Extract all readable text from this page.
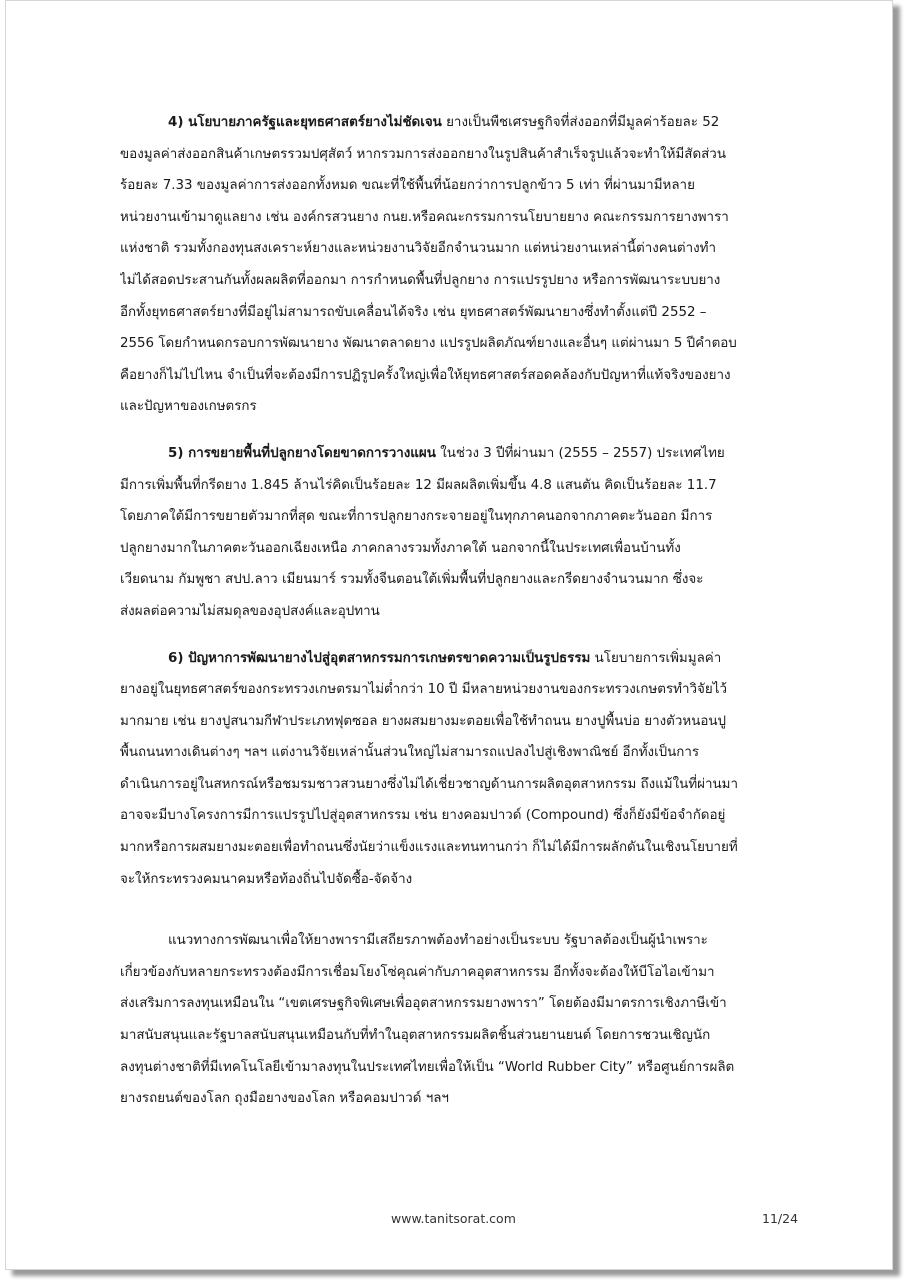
4) นโยบายภาครัฐและยุทธศาสตร์ยางไม่ชัดเจน ยางเป็นพืชเศรษฐกิจที่ส่งออกที่มีมูลค่าร้อยละ 52
ของมูลค่าส่งออกสินค้าเกษตรรวมปศุสัตว์ หากรวมการส่งออกยางในรูปสินค้าสำเร็จรูปแล้วจะทำให้มีสัดส่วน
ร้อยละ 7.33 ของมูลค่าการส่งออกทั้งหมด ขณะที่ใช้พื้นที่น้อยกว่าการปลูกข้าว 5 เท่า ที่ผ่านมามีหลาย
หน่วยงานเข้ามาดูแลยาง เช่น องค์กรสวนยาง กนย.หรือคณะกรรมการนโยบายยาง คณะกรรมการยางพารา
แห่งชาติ รวมทั้งกองทุนสงเคราะห์ยางและหน่วยงานวิจัยอีกจำนวนมาก แต่หน่วยงานเหล่านี้ต่างคนต่างทำ
ไม่ได้สอดประสานกันทั้งผลผลิตที่ออกมา การกำหนดพื้นที่ปลูกยาง การแปรรูปยาง หรือการพัฒนาระบบยาง
อีกทั้งยุทธศาสตร์ยางที่มีอยู่ไม่สามารถขับเคลื่อนได้จริง เช่น ยุทธศาสตร์พัฒนายางซึ่งทำตั้งแต่ปี 2552 –
2556 โดยกำหนดกรอบการพัฒนายาง พัฒนาตลาดยาง แปรรูปผลิตภัณฑ์ยางและอื่นๆ แต่ผ่านมา 5 ปีคำตอบ
คือยางก็ไม่ไปไหน จำเป็นที่จะต้องมีการปฏิรูปครั้งใหญ่เพื่อให้ยุทธศาสตร์สอดคล้องกับปัญหาที่แท้จริงของยาง
และปัญหาของเกษตรกร
5) การขยายพื้นที่ปลูกยางโดยขาดการวางแผน ในช่วง 3 ปีที่ผ่านมา (2555 – 2557) ประเทศไทย
มีการเพิ่มพื้นที่กรีดยาง 1.845 ล้านไร่คิดเป็นร้อยละ 12 มีผลผลิตเพิ่มขึ้น 4.8 แสนตัน คิดเป็นร้อยละ 11.7
โดยภาคใต้มีการขยายตัวมากที่สุด ขณะที่การปลูกยางกระจายอยู่ในทุกภาคนอกจากภาคตะวันออก มีการ
ปลูกยางมากในภาคตะวันออกเฉียงเหนือ ภาคกลางรวมทั้งภาคใต้ นอกจากนี้ในประเทศเพื่อนบ้านทั้ง
เวียดนาม กัมพูชา สปป.ลาว เมียนมาร์ รวมทั้งจีนตอนใต้เพิ่มพื้นที่ปลูกยางและกรีดยางจำนวนมาก ซึ่งจะ
ส่งผลต่อความไม่สมดุลของอุปสงค์และอุปทาน
6) ปัญหาการพัฒนายางไปสู่อุตสาหกรรมการเกษตรขาดความเป็นรูปธรรม นโยบายการเพิ่มมูลค่า
ยางอยู่ในยุทธศาสตร์ของกระทรวงเกษตรมาไม่ต่ำกว่า 10 ปี มีหลายหน่วยงานของกระทรวงเกษตรทำวิจัยไว้
มากมาย เช่น ยางปูสนามกีฬาประเภทฟุตซอล ยางผสมยางมะตอยเพื่อใช้ทำถนน ยางปูพื้นบ่อ ยางตัวหนอนปู
พื้นถนนทางเดินต่างๆ ฯลฯ แต่งานวิจัยเหล่านั้นส่วนใหญ่ไม่สามารถแปลงไปสู่เชิงพาณิชย์ อีกทั้งเป็นการ
ดำเนินการอยู่ในสหกรณ์หรือชมรมชาวสวนยางซึ่งไม่ได้เชี่ยวชาญด้านการผลิตอุตสาหกรรม ถึงแม้ในที่ผ่านมา
อาจจะมีบางโครงการมีการแปรรูปไปสู่อุตสาหกรรม เช่น ยางคอมปาวด์ (Compound) ซึ่งก็ยังมีข้อจำกัดอยู่
มากหรือการผสมยางมะตอยเพื่อทำถนนซึ่งนัยว่าแข็งแรงและทนทานกว่า ก็ไม่ได้มีการผลักดันในเชิงนโยบายที่
จะให้กระทรวงคมนาคมหรือท้องถิ่นไปจัดซื้อ-จัดจ้าง
แนวทางการพัฒนาเพื่อให้ยางพารามีเสถียรภาพต้องทำอย่างเป็นระบบ รัฐบาลต้องเป็นผู้นำเพราะ
เกี่ยวข้องกับหลายกระทรวงต้องมีการเชื่อมโยงโซ่คุณค่ากับภาคอุตสาหกรรม อีกทั้งจะต้องให้บีโอไอเข้ามา
ส่งเสริมการลงทุนเหมือนใน “เขตเศรษฐกิจพิเศษเพื่ออุตสาหกรรมยางพารา” โดยต้องมีมาตรการเชิงภาษีเข้า
มาสนับสนุนและรัฐบาลสนับสนุนเหมือนกับที่ทำในอุตสาหกรรมผลิตชิ้นส่วนยานยนต์ โดยการชวนเชิญนัก
ลงทุนต่างชาติที่มีเทคโนโลยีเข้ามาลงทุนในประเทศไทยเพื่อให้เป็น “World Rubber City” หรือศูนย์การผลิต
ยางรถยนต์ของโลก ถุงมือยางของโลก หรือคอมปาวด์ ฯลฯ
www.tanitsorat.com	11/24
